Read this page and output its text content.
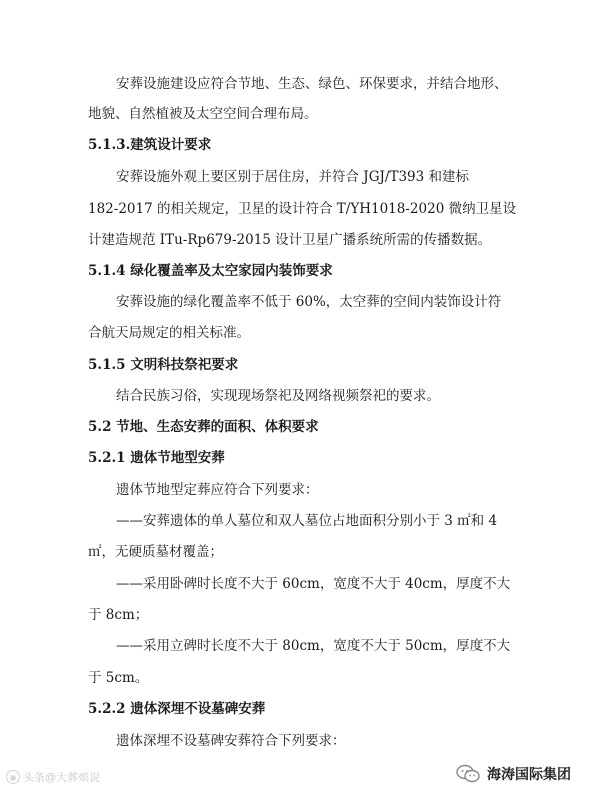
安葬设施建设应符合节地、生态、绿色、环保要求，并结合地形、
地貌、自然植被及太空空间合理布局。
5.1.3.建筑设计要求
安葬设施外观上要区别于居住房，并符合 JGJ/T393 和建标
182-2017 的相关规定，卫星的设计符合 T/YH1018-2020 微纳卫星设
计建造规范 ITu-Rp679-2015 设计卫星广播系统所需的传播数据。
5.1.4 绿化覆盖率及太空家园内装饰要求
安葬设施的绿化覆盖率不低于 60%，太空葬的空间内装饰设计符
合航天局规定的相关标准。
5.1.5 文明科技祭祀要求
结合民族习俗，实现现场祭祀及网络视频祭祀的要求。
5.2 节地、生态安葬的面积、体积要求
5.2.1 遗体节地型安葬
遗体节地型定葬应符合下列要求：
——安葬遗体的单人墓位和双人墓位占地面积分别小于 3 ㎡和 4
㎡，无硬质墓材覆盖；
——采用卧碑时长度不大于 60cm，宽度不大于 40cm，厚度不大
于 8cm；
——采用立碑时长度不大于 80cm，宽度不大于 50cm，厚度不大
于 5cm。
5.2.2 遗体深埋不设墓碑安葬
遗体深埋不设墓碑安葬符合下列要求：
◉ 头条@大葬殡说	海涛国际集团
